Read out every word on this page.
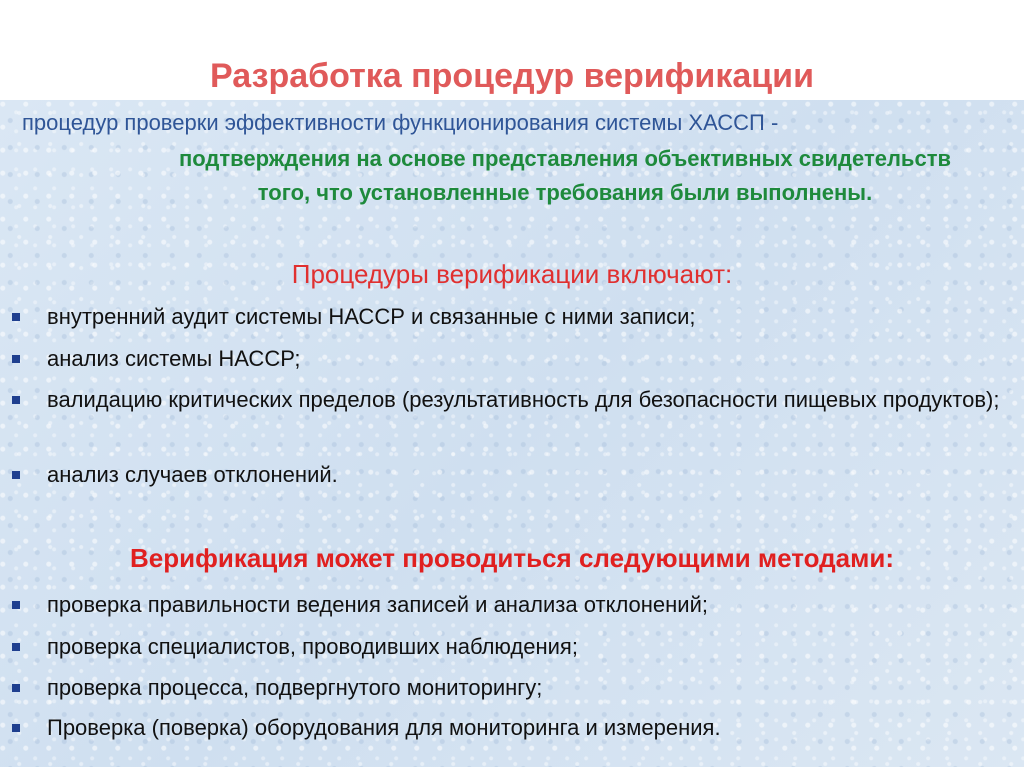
Разработка процедур верификации
процедур проверки эффективности функционирования системы ХАССП -
подтверждения на основе представления объективных свидетельств того, что установленные требования были выполнены.
Процедуры верификации включают:
внутренний аудит системы НАССР и связанные с ними записи;
анализ системы НАССР;
валидацию критических пределов (результативность для безопасности пищевых продуктов);
анализ случаев отклонений.
Верификация может проводиться следующими методами:
проверка правильности ведения записей и анализа отклонений;
проверка специалистов, проводивших наблюдения;
проверка процесса, подвергнутого мониторингу;
Проверка (поверка) оборудования для мониторинга и измерения.
